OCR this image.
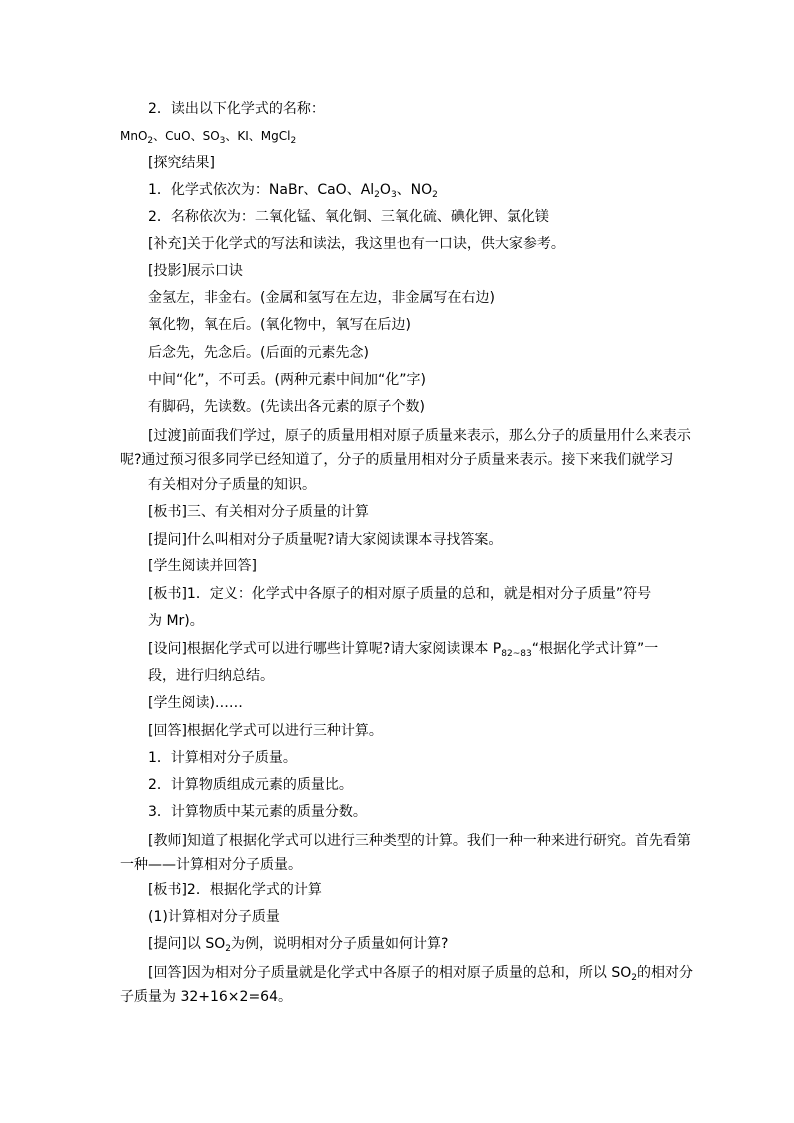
2．读出以下化学式的名称：
MnO$_2$、CuO、$SO_3$、KI、MgCl$_2$
[探究结果]
1．化学式依次为：NaBr、CaO、$Al_2O_3$、$NO_2$
2．名称依次为：二氧化锰、氧化铜、三氧化硫、碘化钾、氯化镁
[补充]关于化学式的写法和读法，我这里也有一口诀，供大家参考。
[投影]展示口诀
金氢左，非金右。(金属和氢写在左边，非金属写在右边)
氧化物，氧在后。(氧化物中，氧写在后边)
后念先，先念后。(后面的元素先念)
中间“化”，不可丢。(两种元素中间加“化”字)
有脚码，先读数。(先读出各元素的原子个数)
[过渡]前面我们学过，原子的质量用相对原子质量来表示，那么分子的质量用什么来表示
呢?通过预习很多同学已经知道了，分子的质量用相对分子质量来表示。接下来我们就学习
有关相对分子质量的知识。
[板书]三、有关相对分子质量的计算
[提问]什么叫相对分子质量呢?请大家阅读课本寻找答案。
[学生阅读并回答]
[板书]1．定义：化学式中各原子的相对原子质量的总和，就是相对分子质量”符号
为 Mr)。
[设问]根据化学式可以进行哪些计算呢?请大家阅读课本 $P_{82\sim 83}“$根据化学式计算”一
段，进行归纳总结。
[学生阅读)……
[回答]根据化学式可以进行三种计算。
1．计算相对分子质量。
2．计算物质组成元素的质量比。
3．计算物质中某元素的质量分数。
[教师]知道了根据化学式可以进行三种类型的计算。我们一种一种来进行研究。首先看第
一种——计算相对分子质量。
[板书]2．根据化学式的计算
(1)计算相对分子质量
[提问]以 $SO_2$为例，说明相对分子质量如何计算?
[回答]因为相对分子质量就是化学式中各原子的相对原子质量的总和，所以 $SO_2$的相对分
子质量为 32+16×2=64。
